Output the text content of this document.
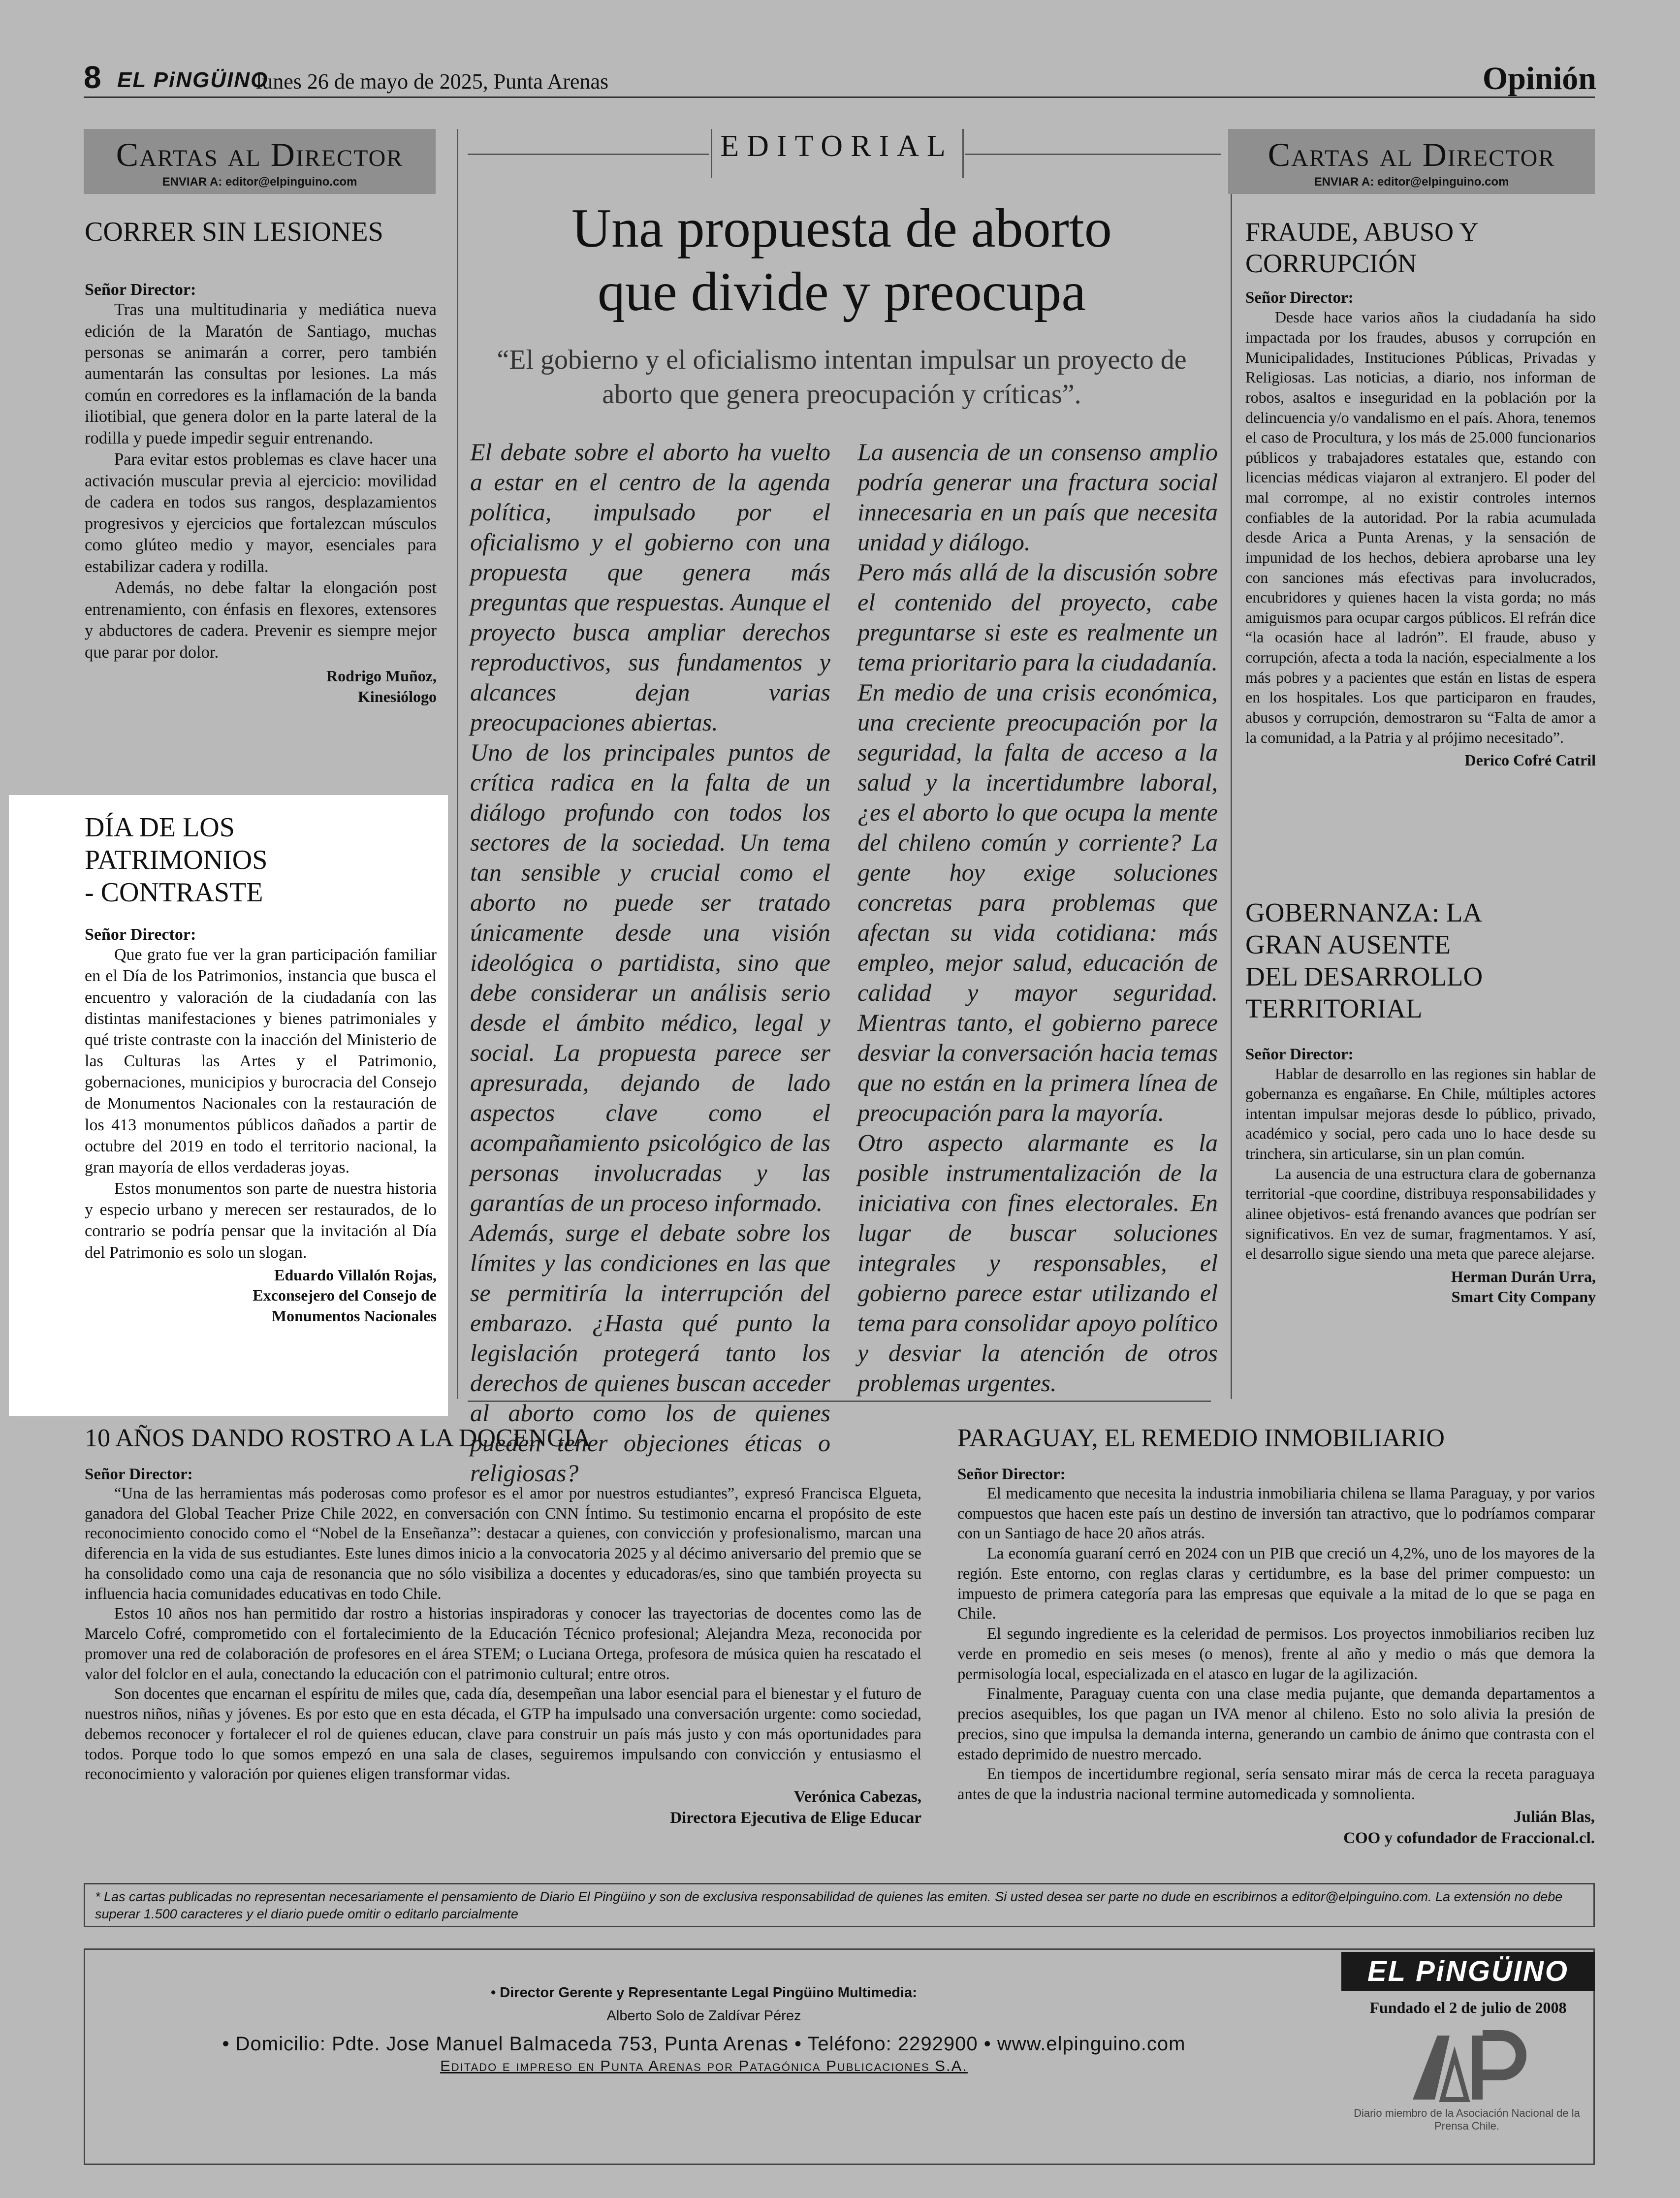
8 EL PiNGÜINO
lunes 26 de mayo de 2025, Punta Arenas	Opinión
Cartas al Director
ENVIAR A: editor@elpinguino.com
CORRER SIN LESIONES
Señor Director:

Tras una multitudinaria y mediática nueva edición de la Maratón de Santiago, muchas personas se animarán a correr, pero también aumentarán las consultas por lesiones. La más común en corredores es la inflamación de la banda iliotibial, que genera dolor en la parte lateral de la rodilla y puede impedir seguir entrenando.

Para evitar estos problemas es clave hacer una activación muscular previa al ejercicio: movilidad de cadera en todos sus rangos, desplazamientos progresivos y ejercicios que fortalezcan músculos como glúteo medio y mayor, esenciales para estabilizar cadera y rodilla.

Además, no debe faltar la elongación post entrenamiento, con énfasis en flexores, extensores y abductores de cadera. Prevenir es siempre mejor que parar por dolor.

Rodrigo Muñoz,
Kinesiólogo
DÍA DE LOS
PATRIMONIOS
- CONTRASTE
Señor Director:

Que grato fue ver la gran participación familiar en el Día de los Patrimonios, instancia que busca el encuentro y valoración de la ciudadanía con las distintas manifestaciones y bienes patrimoniales y qué triste contraste con la inacción del Ministerio de las Culturas las Artes y el Patrimonio, gobernaciones, municipios y burocracia del Consejo de Monumentos Nacionales con la restauración de los 413 monumentos públicos dañados a partir de octubre del 2019 en todo el territorio nacional, la gran mayoría de ellos verdaderas joyas.

Estos monumentos son parte de nuestra historia y especio urbano y merecen ser restaurados, de lo contrario se podría pensar que la invitación al Día del Patrimonio es solo un slogan.

Eduardo Villalón Rojas,
Exconsejero del Consejo de
Monumentos Nacionales
EDITORIAL
Una propuesta de aborto
que divide y preocupa
“El gobierno y el oficialismo intentan impulsar un proyecto de aborto que genera preocupación y críticas”.

El debate sobre el aborto ha vuelto a estar en el centro de la agenda política, impulsado por el oficialismo y el gobierno con una propuesta que genera más preguntas que respuestas. Aunque el proyecto busca ampliar derechos reproductivos, sus fundamentos y alcances dejan varias preocupaciones abiertas.

Uno de los principales puntos de crítica radica en la falta de un diálogo profundo con todos los sectores de la sociedad. Un tema tan sensible y crucial como el aborto no puede ser tratado únicamente desde una visión ideológica o partidista, sino que debe considerar un análisis serio desde el ámbito médico, legal y social. La propuesta parece ser apresurada, dejando de lado aspectos clave como el acompañamiento psicológico de las personas involucradas y las garantías de un proceso informado.

Además, surge el debate sobre los límites y las condiciones en las que se permitiría la interrupción del embarazo. ¿Hasta qué punto la legislación protegerá tanto los derechos de quienes buscan acceder al aborto como los de quienes pueden tener objeciones éticas o religiosas?

La ausencia de un consenso amplio podría generar una fractura social innecesaria en un país que necesita unidad y diálogo.

Pero más allá de la discusión sobre el contenido del proyecto, cabe preguntarse si este es realmente un tema prioritario para la ciudadanía. En medio de una crisis económica, una creciente preocupación por la seguridad, la falta de acceso a la salud y la incertidumbre laboral, ¿es el aborto lo que ocupa la mente del chileno común y corriente? La gente hoy exige soluciones concretas para problemas que afectan su vida cotidiana: más empleo, mejor salud, educación de calidad y mayor seguridad. Mientras tanto, el gobierno parece desviar la conversación hacia temas que no están en la primera línea de preocupación para la mayoría.

Otro aspecto alarmante es la posible instrumentalización de la iniciativa con fines electorales. En lugar de buscar soluciones integrales y responsables, el gobierno parece estar utilizando el tema para consolidar apoyo político y desviar la atención de otros problemas urgentes.

Cartas al Director
ENVIAR A: editor@elpinguino.com
FRAUDE, ABUSO Y
CORRUPCIÓN
Señor Director:

Desde hace varios años la ciudadanía ha sido impactada por los fraudes, abusos y corrupción en Municipalidades, Instituciones Públicas, Privadas y Religiosas. Las noticias, a diario, nos informan de robos, asaltos e inseguridad en la población por la delincuencia y/o vandalismo en el país. Ahora, tenemos el caso de Procultura, y los más de 25.000 funcionarios públicos y trabajadores estatales que, estando con licencias médicas viajaron al extranjero. El poder del mal corrompe, al no existir controles internos confiables de la autoridad. Por la rabia acumulada desde Arica a Punta Arenas, y la sensación de impunidad de los hechos, debiera aprobarse una ley con sanciones más efectivas para involucrados, encubridores y quienes hacen la vista gorda; no más amiguismos para ocupar cargos públicos. El refrán dice “la ocasión hace al ladrón”. El fraude, abuso y corrupción, afecta a toda la nación, especialmente a los más pobres y a pacientes que están en listas de espera en los hospitales. Los que participaron en fraudes, abusos y corrupción, demostraron su “Falta de amor a la comunidad, a la Patria y al prójimo necesitado”.

Derico Cofré Catril
GOBERNANZA: LA
GRAN AUSENTE
DEL DESARROLLO
TERRITORIAL
Señor Director:

Hablar de desarrollo en las regiones sin hablar de gobernanza es engañarse. En Chile, múltiples actores intentan impulsar mejoras desde lo público, privado, académico y social, pero cada uno lo hace desde su trinchera, sin articularse, sin un plan común.

La ausencia de una estructura clara de gobernanza territorial -que coordine, distribuya responsabilidades y alinee objetivos- está frenando avances que podrían ser significativos. En vez de sumar, fragmentamos. Y así, el desarrollo sigue siendo una meta que parece alejarse.

Herman Durán Urra,
Smart City Company
10 AÑOS DANDO ROSTRO A LA DOCENCIA
Señor Director:

“Una de las herramientas más poderosas como profesor es el amor por nuestros estudiantes”, expresó Francisca Elgueta, ganadora del Global Teacher Prize Chile 2022, en conversación con CNN Íntimo. Su testimonio encarna el propósito de este reconocimiento conocido como el “Nobel de la Enseñanza”: destacar a quienes, con convicción y profesionalismo, marcan una diferencia en la vida de sus estudiantes. Este lunes dimos inicio a la convocatoria 2025 y al décimo aniversario del premio que se ha consolidado como una caja de resonancia que no sólo visibiliza a docentes y educadoras/es, sino que también proyecta su influencia hacia comunidades educativas en todo Chile.

Estos 10 años nos han permitido dar rostro a historias inspiradoras y conocer las trayectorias de docentes como las de Marcelo Cofré, comprometido con el fortalecimiento de la Educación Técnico profesional; Alejandra Meza, reconocida por promover una red de colaboración de profesores en el área STEM; o Luciana Ortega, profesora de música quien ha rescatado el valor del folclor en el aula, conectando la educación con el patrimonio cultural; entre otros.

Son docentes que encarnan el espíritu de miles que, cada día, desempeñan una labor esencial para el bienestar y el futuro de nuestros niños, niñas y jóvenes. Es por esto que en esta década, el GTP ha impulsado una conversación urgente: como sociedad, debemos reconocer y fortalecer el rol de quienes educan, clave para construir un país más justo y con más oportunidades para todos. Porque todo lo que somos empezó en una sala de clases, seguiremos impulsando con convicción y entusiasmo el reconocimiento y valoración por quienes eligen transformar vidas.

Verónica Cabezas,
Directora Ejecutiva de Elige Educar
PARAGUAY, EL REMEDIO INMOBILIARIO
Señor Director:

El medicamento que necesita la industria inmobiliaria chilena se llama Paraguay, y por varios compuestos que hacen este país un destino de inversión tan atractivo, que lo podríamos comparar con un Santiago de hace 20 años atrás.

La economía guaraní cerró en 2024 con un PIB que creció un 4,2%, uno de los mayores de la región. Este entorno, con reglas claras y certidumbre, es la base del primer compuesto: un impuesto de primera categoría para las empresas que equivale a la mitad de lo que se paga en Chile.

El segundo ingrediente es la celeridad de permisos. Los proyectos inmobiliarios reciben luz verde en promedio en seis meses (o menos), frente al año y medio o más que demora la permisología local, especializada en el atasco en lugar de la agilización.

Finalmente, Paraguay cuenta con una clase media pujante, que demanda departamentos a precios asequibles, los que pagan un IVA menor al chileno. Esto no solo alivia la presión de precios, sino que impulsa la demanda interna, generando un cambio de ánimo que contrasta con el estado deprimido de nuestro mercado.

En tiempos de incertidumbre regional, sería sensato mirar más de cerca la receta paraguaya antes de que la industria nacional termine automedicada y somnolienta.

Julián Blas,
COO y cofundador de Fraccional.cl.
* Las cartas publicadas no representan necesariamente el pensamiento de Diario El Pingüino y son de exclusiva responsabilidad de quienes las emiten. Si usted desea ser parte no dude en escribirnos a editor@elpinguino.com. La extensión no debe superar 1.500 caracteres y el diario puede omitir o editarlo parcialmente
• Director Gerente y Representante Legal Pingüino Multimedia:
Alberto Solo de Zaldívar Pérez
• Domicilio: Pdte. Jose Manuel Balmaceda 753, Punta Arenas • Teléfono: 2292900 • www.elpinguino.com
Editado e impreso en Punta Arenas por Patagónica Publicaciones S.A.
EL PiNGÜINO
Fundado el 2 de julio de 2008
Diario miembro de la Asociación Nacional de la Prensa Chile.
